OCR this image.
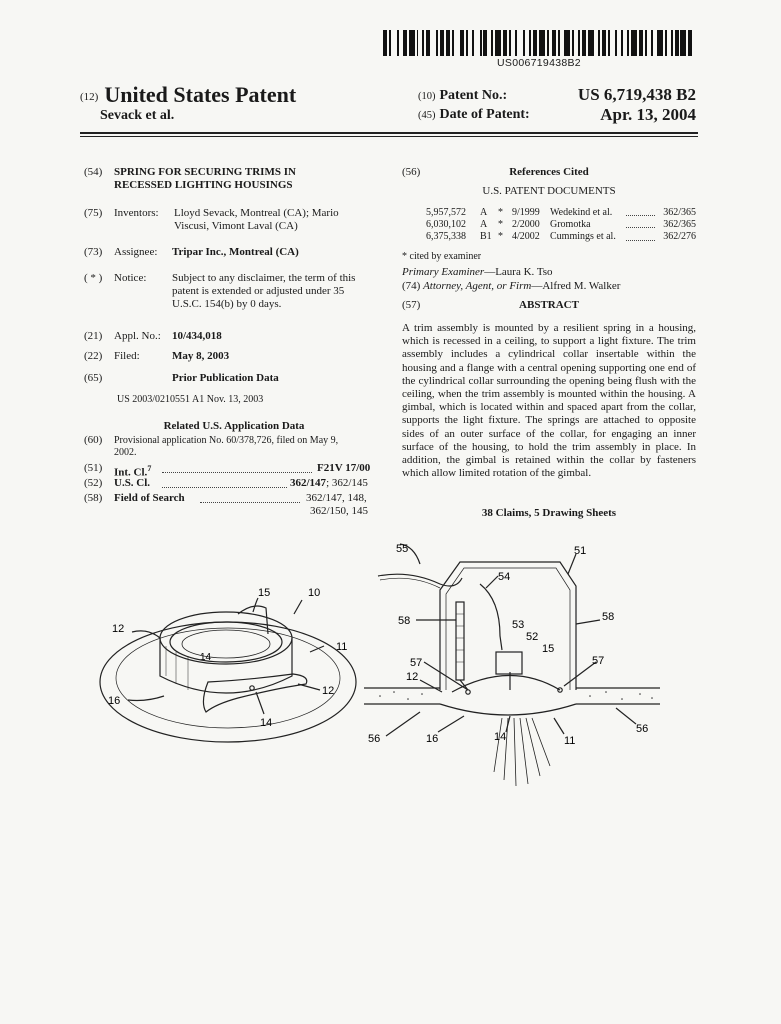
US006719438B2
(12) United States Patent
Sevack et al.
(10) Patent No.:	US 6,719,438 B2
(45) Date of Patent:	Apr. 13, 2004
(54) SPRING FOR SECURING TRIMS IN
RECESSED LIGHTING HOUSINGS
(75) Inventors: Lloyd Sevack, Montreal (CA); Mario
Viscusi, Vimont Laval (CA)
(73) Assignee: Tripar Inc., Montreal (CA)
( * ) Notice: Subject to any disclaimer, the term of this
patent is extended or adjusted under 35
U.S.C. 154(b) by 0 days.
(21) Appl. No.: 10/434,018
(22) Filed:	May 8, 2003
(65)	Prior Publication Data
US 2003/0210551 A1 Nov. 13, 2003
Related U.S. Application Data
(60) Provisional application No. 60/378,726, filed on May 9,
2002.
(51) Int. Cl.$^7$	F21V 17/00
(52) U.S. Cl.	362/147; 362/145
(58) Field of Search	362/147, 148,
362/150, 145
(56)	References Cited
U.S. PATENT DOCUMENTS
5,957,572	A	* 9/1999	Wedekind et al.	362/365
6,030,102	A	* 2/2000	Gromotka	362/365
6,375,338	B1 * 4/2002	Cummings et al.	362/276
* cited by examiner
Primary Examiner—Laura K. Tso
(74) Attorney, Agent, or Firm—Alfred M. Walker
(57)	ABSTRACT
A trim assembly is mounted by a resilient spring in a housing, which is recessed in a ceiling, to support a light fixture. The trim assembly includes a cylindrical collar insertable within the housing and a flange with a central opening supporting one end of the cylindrical collar surrounding the opening being flush with the ceiling, when the trim assembly is mounted within the housing. A gimbal, which is located within and spaced apart from the collar, supports the light fixture. The springs are attached to opposite sides of an outer surface of the collar, for engaging an inner surface of the housing, to hold the trim assembly in place. In addition, the gimbal is retained within the collar by fasteners which allow limited rotation of the gimbal.
38 Claims, 5 Drawing Sheets
10
15
12
14
11
16
12
14
55	51
54
58	58
53
52
15
57	57
12
56	16	14	11
56
